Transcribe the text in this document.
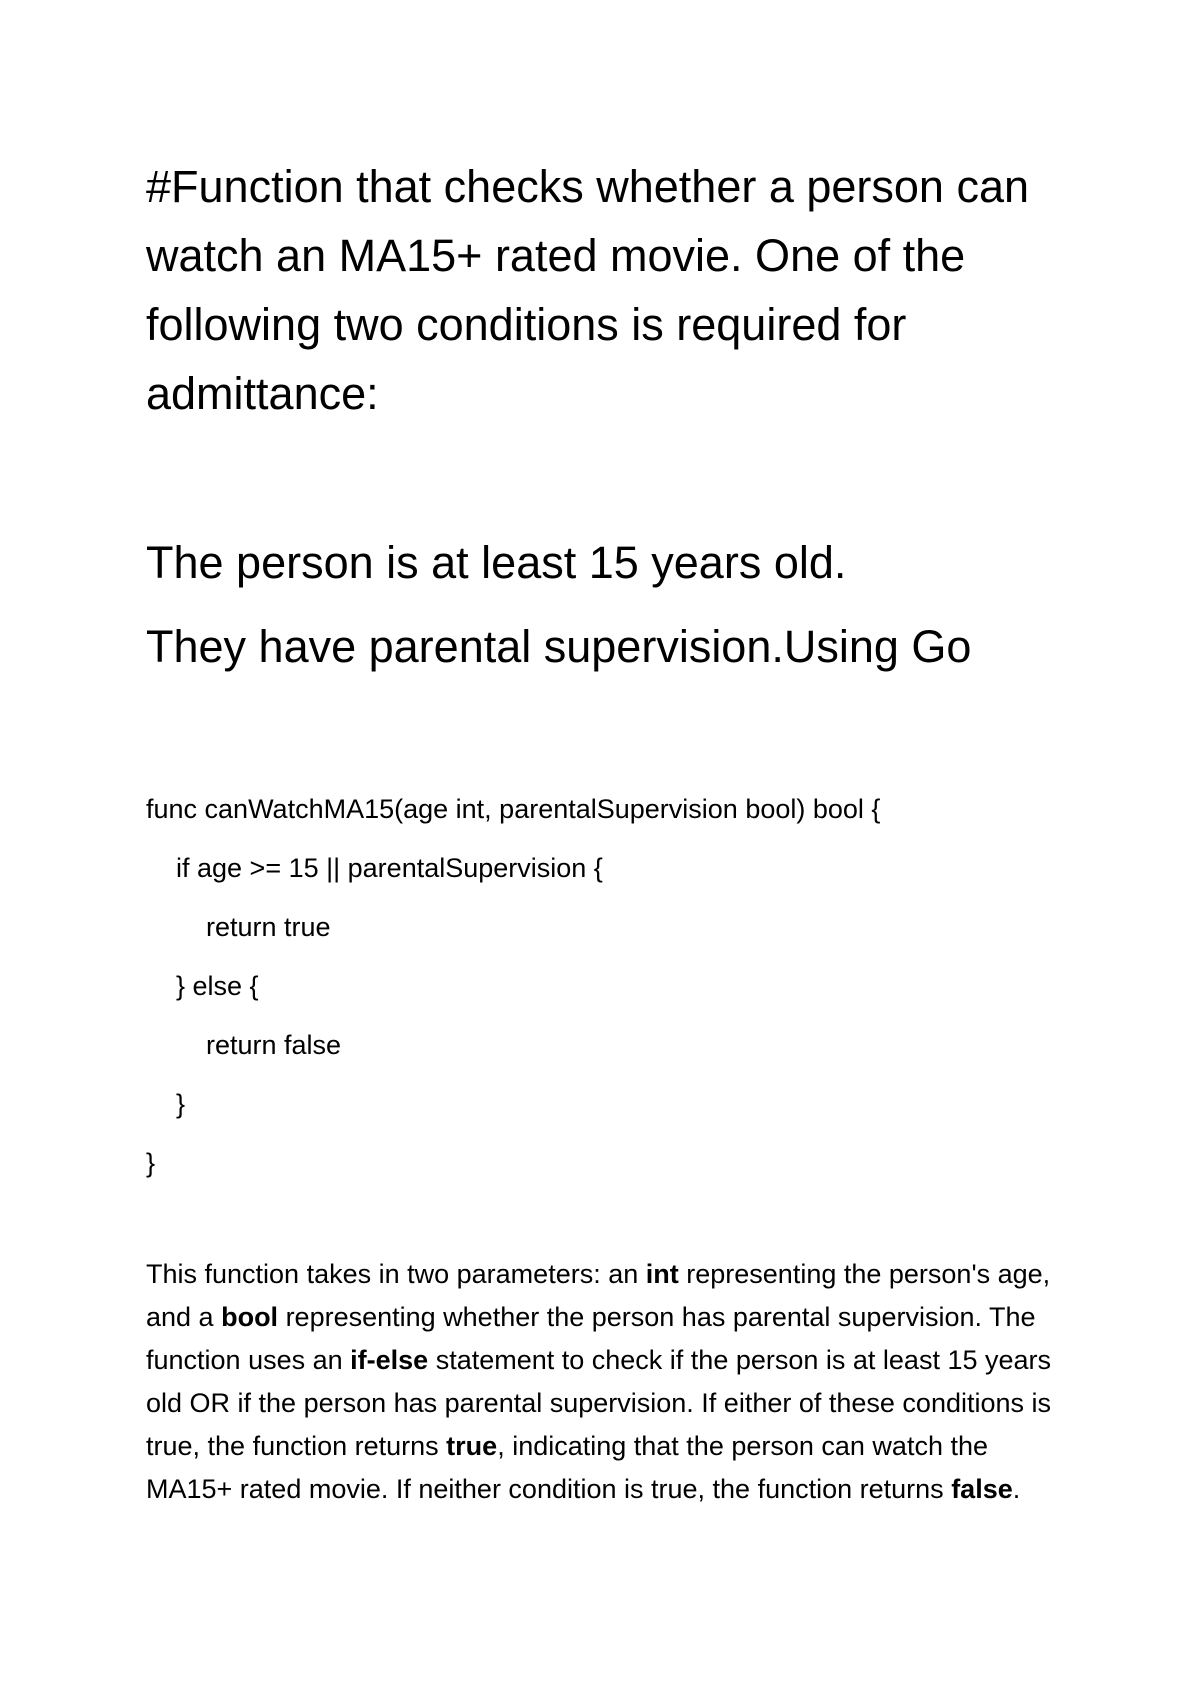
#Function that checks whether a person can watch an MA15+ rated movie. One of the following two conditions is required for admittance:

The person is at least 15 years old.

They have parental supervision.Using Go

func canWatchMA15(age int, parentalSupervision bool) bool {
if age >= 15 || parentalSupervision {
return true
} else {
return false
}
}

This function takes in two parameters: an int representing the person's age, and a bool representing whether the person has parental supervision. The function uses an if-else statement to check if the person is at least 15 years old OR if the person has parental supervision. If either of these conditions is true, the function returns true, indicating that the person can watch the MA15+ rated movie. If neither condition is true, the function returns false.
